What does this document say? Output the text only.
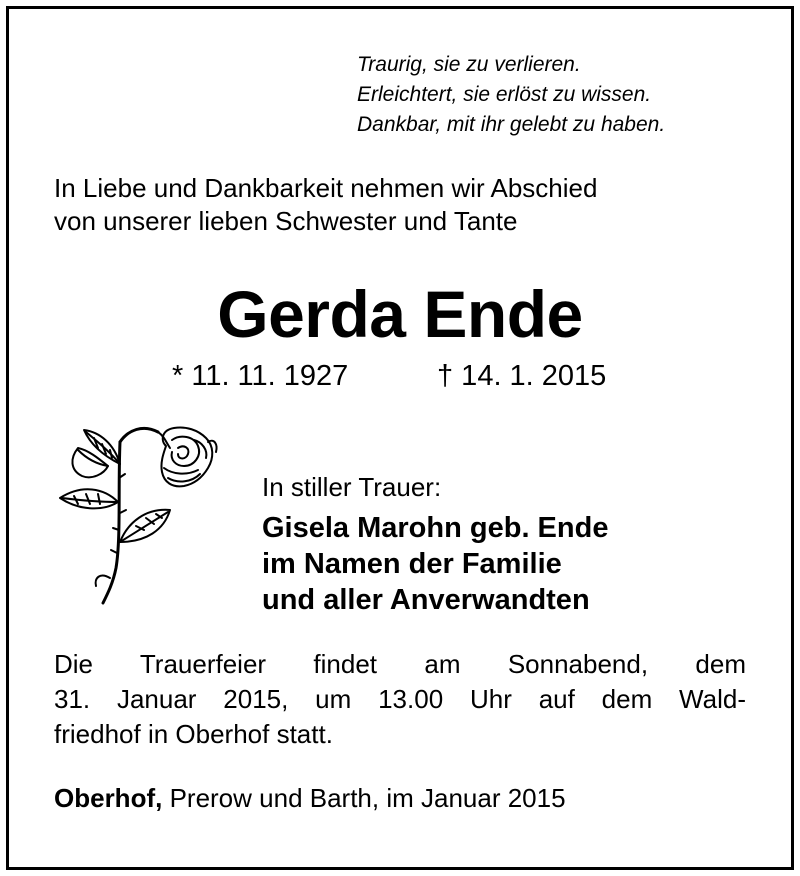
Traurig, sie zu verlieren.
Erleichtert, sie erlöst zu wissen.
Dankbar, mit ihr gelebt zu haben.
In Liebe und Dankbarkeit nehmen wir Abschied
von unserer lieben Schwester und Tante
Gerda Ende
* 11. 11. 1927	† 14. 1. 2015
In stiller Trauer:
Gisela Marohn geb. Ende
im Namen der Familie
und aller Anverwandten
Die Trauerfeier findet am Sonnabend, dem
31. Januar 2015, um 13.00 Uhr auf dem Wald-
friedhof in Oberhof statt.
Oberhof, Prerow und Barth, im Januar 2015
